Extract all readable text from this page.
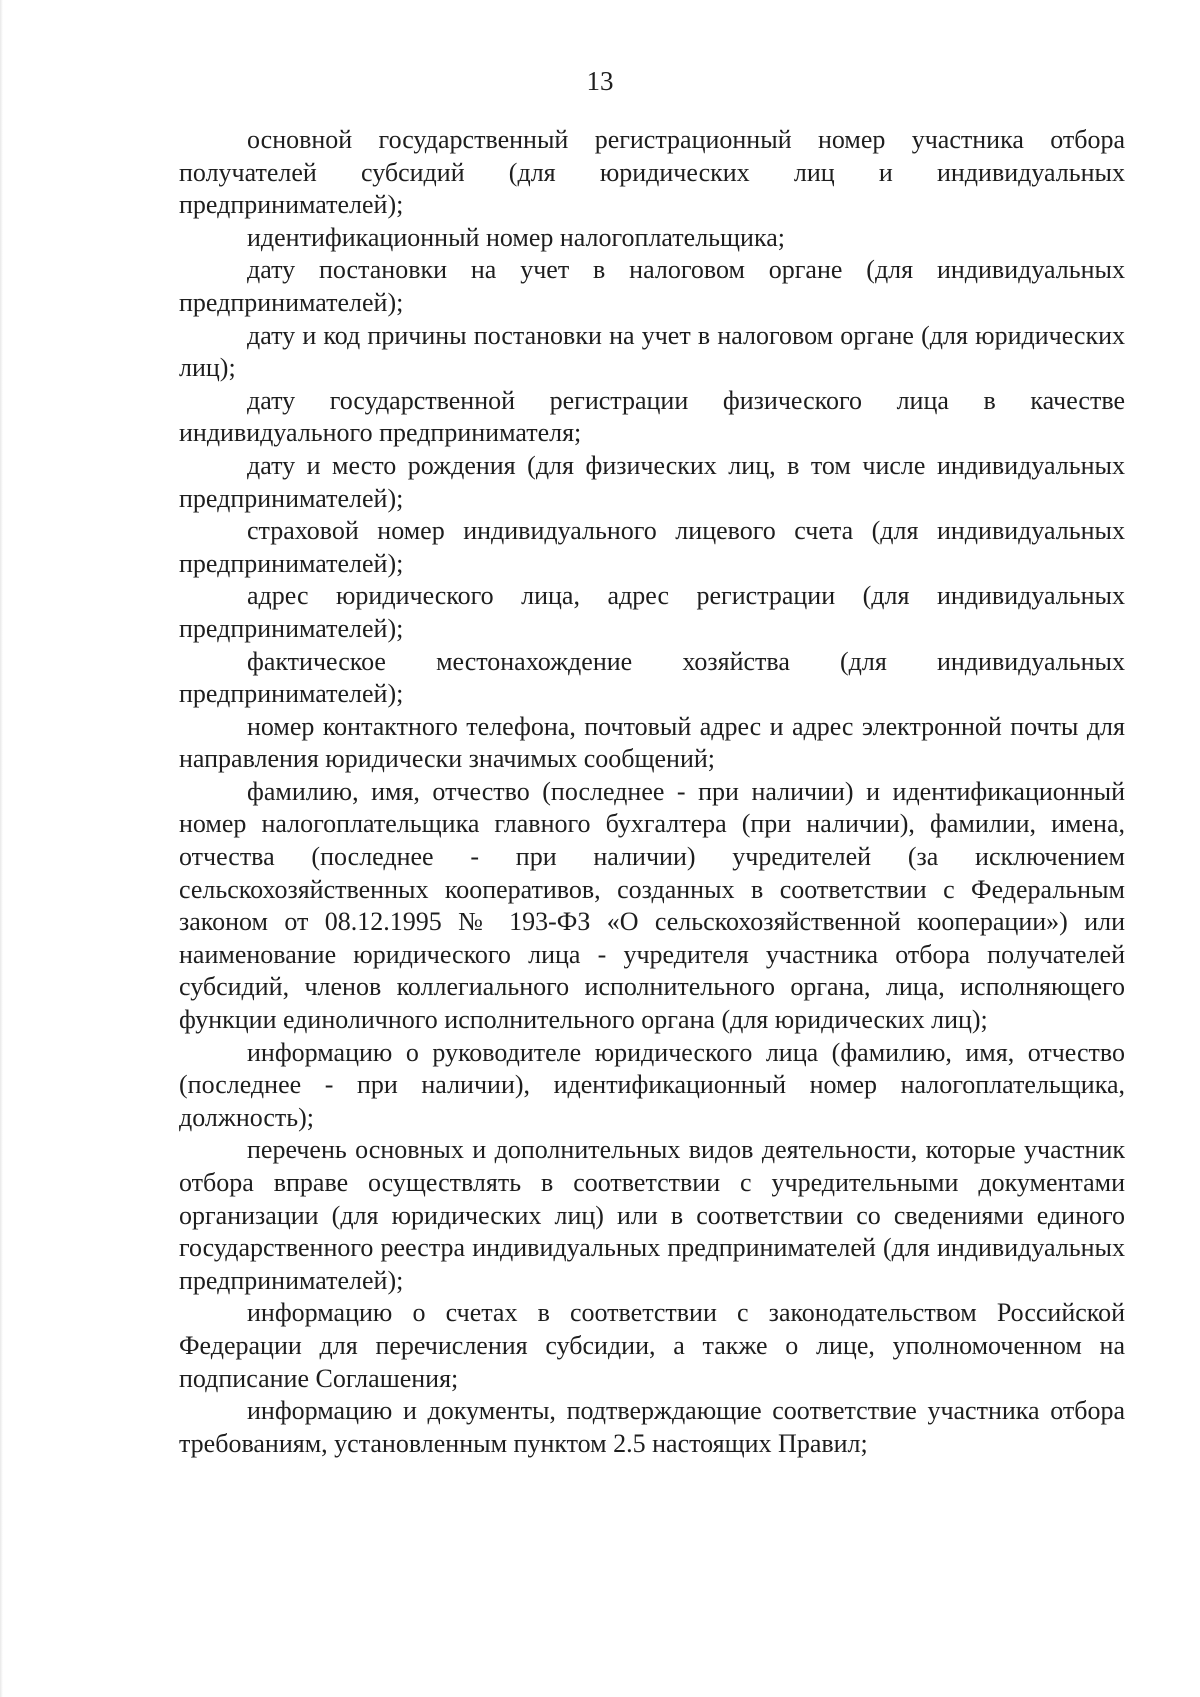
13

основной государственный регистрационный номер участника отбора получателей субсидий (для юридических лиц и индивидуальных предпринимателей);

идентификационный номер налогоплательщика;

дату постановки на учет в налоговом органе (для индивидуальных предпринимателей);

дату и код причины постановки на учет в налоговом органе (для юридических лиц);

дату государственной регистрации физического лица в качестве индивидуального предпринимателя;

дату и место рождения (для физических лиц, в том числе индивидуальных предпринимателей);

страховой номер индивидуального лицевого счета (для индивидуальных предпринимателей);

адрес юридического лица, адрес регистрации (для индивидуальных предпринимателей);

фактическое местонахождение хозяйства (для индивидуальных предпринимателей);

номер контактного телефона, почтовый адрес и адрес электронной почты для направления юридически значимых сообщений;

фамилию, имя, отчество (последнее - при наличии) и идентификационный номер налогоплательщика главного бухгалтера (при наличии), фамилии, имена, отчества (последнее - при наличии) учредителей (за исключением сельскохозяйственных кооперативов, созданных в соответствии с Федеральным законом от 08.12.1995 № 193-ФЗ «О сельскохозяйственной кооперации») или наименование юридического лица - учредителя участника отбора получателей субсидий, членов коллегиального исполнительного органа, лица, исполняющего функции единоличного исполнительного органа (для юридических лиц);

информацию о руководителе юридического лица (фамилию, имя, отчество (последнее - при наличии), идентификационный номер налогоплательщика, должность);

перечень основных и дополнительных видов деятельности, которые участник отбора вправе осуществлять в соответствии с учредительными документами организации (для юридических лиц) или в соответствии со сведениями единого государственного реестра индивидуальных предпринимателей (для индивидуальных предпринимателей);

информацию о счетах в соответствии с законодательством Российской Федерации для перечисления субсидии, а также о лице, уполномоченном на подписание Соглашения;

информацию и документы, подтверждающие соответствие участника отбора требованиям, установленным пунктом 2.5 настоящих Правил;
